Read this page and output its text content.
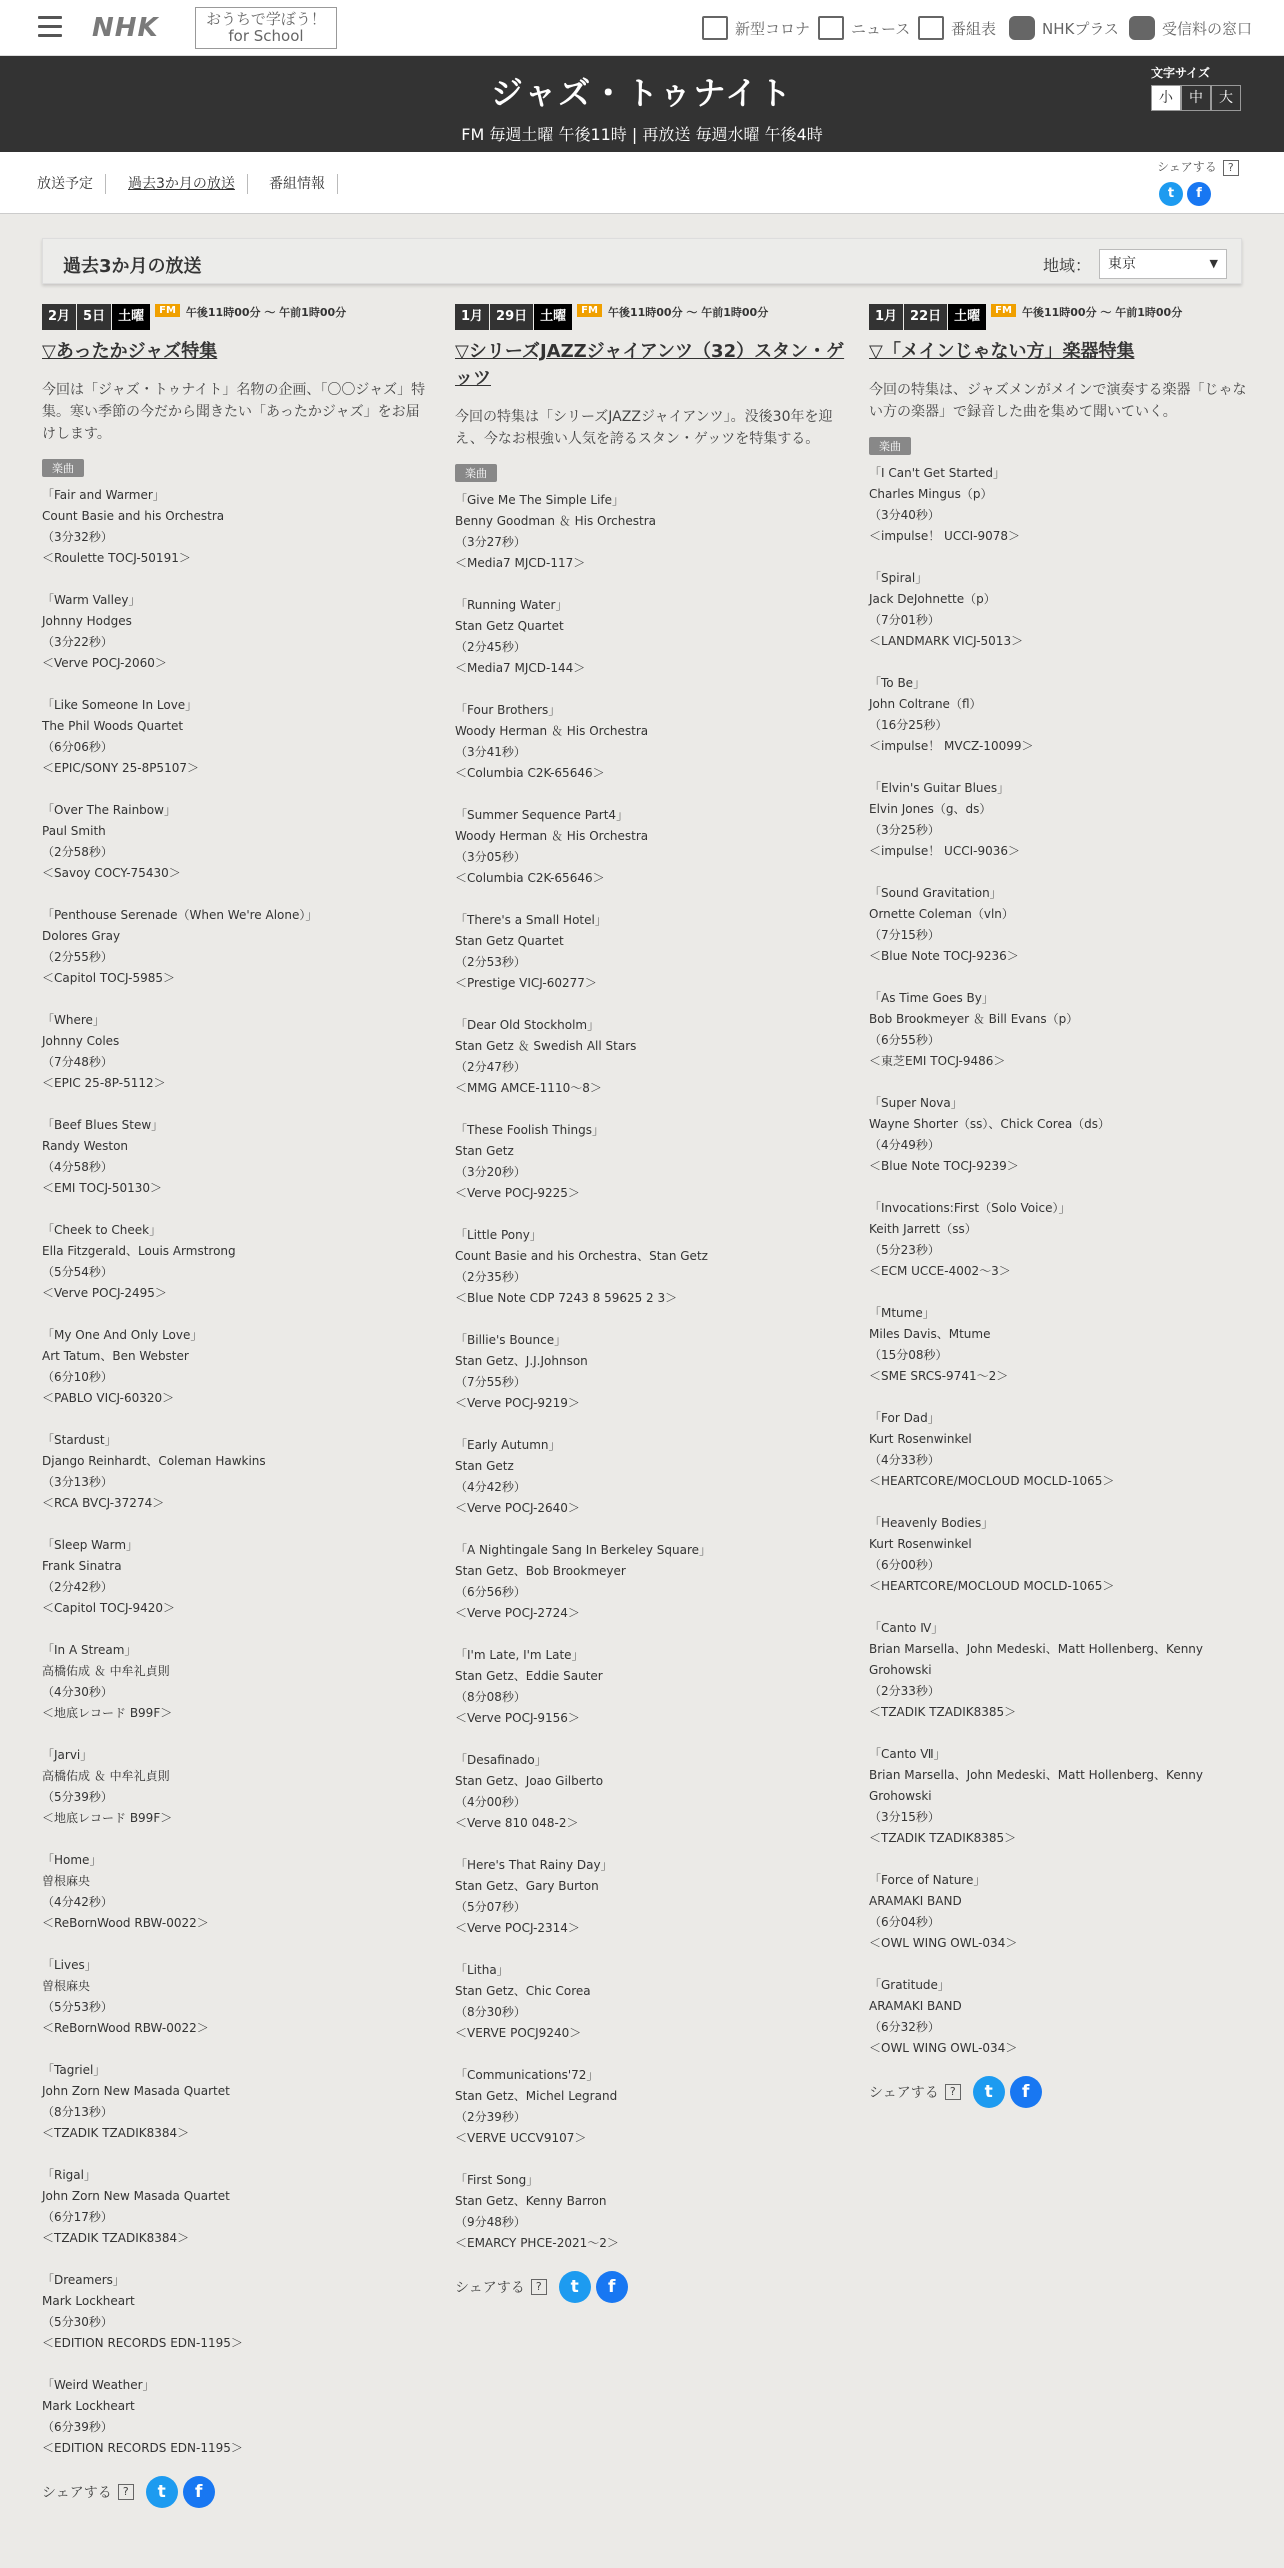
NHK	おうちで学ぼう！
for School	新型コロナ	ニュース	番組表	NHKプラス	受信料の窓口
ジャズ・トゥナイト
FM 毎週土曜 午後11時 | 再放送 毎週水曜 午後4時
文字サイズ
小	中	大
放送予定	過去3か月の放送	番組情報
シェアする ?
t	f
過去3か月の放送	地域：	東京	▼
2月	5日	土曜	FM 午後11時00分 ～ 午前1時00分
▽あったかジャズ特集
今回は「ジャズ・トゥナイト」名物の企画、「〇〇ジャズ」特集。寒い季節の今だから聞きたい「あったかジャズ」をお届けします。
楽曲
「Fair and Warmer」
Count Basie and his Orchestra
（3分32秒）
＜Roulette TOCJ-50191＞
「Warm Valley」
Johnny Hodges
（3分22秒）
＜Verve POCJ-2060＞
「Like Someone In Love」
The Phil Woods Quartet
（6分06秒）
＜EPIC/SONY 25-8P5107＞
「Over The Rainbow」
Paul Smith
（2分58秒）
＜Savoy COCY-75430＞
「Penthouse Serenade（When We're Alone）」
Dolores Gray
（2分55秒）
＜Capitol TOCJ-5985＞
「Where」
Johnny Coles
（7分48秒）
＜EPIC 25-8P-5112＞
「Beef Blues Stew」
Randy Weston
（4分58秒）
＜EMI TOCJ-50130＞
「Cheek to Cheek」
Ella Fitzgerald、Louis Armstrong
（5分54秒）
＜Verve POCJ-2495＞
「My One And Only Love」
Art Tatum、Ben Webster
（6分10秒）
＜PABLO VICJ-60320＞
「Stardust」
Django Reinhardt、Coleman Hawkins
（3分13秒）
＜RCA BVCJ-37274＞
「Sleep Warm」
Frank Sinatra
（2分42秒）
＜Capitol TOCJ-9420＞
「In A Stream」
高橋佑成 ＆ 中牟礼貞則
（4分30秒）
＜地底レコード B99F＞
「Jarvi」
高橋佑成 ＆ 中牟礼貞則
（5分39秒）
＜地底レコード B99F＞
「Home」
曽根麻央
（4分42秒）
＜ReBornWood RBW-0022＞
「Lives」
曽根麻央
（5分53秒）
＜ReBornWood RBW-0022＞
「Tagriel」
John Zorn New Masada Quartet
（8分13秒）
＜TZADIK TZADIK8384＞
「Rigal」
John Zorn New Masada Quartet
（6分17秒）
＜TZADIK TZADIK8384＞
「Dreamers」
Mark Lockheart
（5分30秒）
＜EDITION RECORDS EDN-1195＞
「Weird Weather」
Mark Lockheart
（6分39秒）
＜EDITION RECORDS EDN-1195＞
シェアする	?	t	f
1月	29日	土曜	FM 午後11時00分 ～ 午前1時00分
▽シリーズJAZZジャイアンツ（32）スタン・ゲッツ
今回の特集は「シリーズJAZZジャイアンツ」。没後30年を迎え、今なお根強い人気を誇るスタン・ゲッツを特集する。
楽曲
「Give Me The Simple Life」
Benny Goodman ＆ His Orchestra
（3分27秒）
＜Media7 MJCD-117＞
「Running Water」
Stan Getz Quartet
（2分45秒）
＜Media7 MJCD-144＞
「Four Brothers」
Woody Herman ＆ His Orchestra
（3分41秒）
＜Columbia C2K-65646＞
「Summer Sequence Part4」
Woody Herman ＆ His Orchestra
（3分05秒）
＜Columbia C2K-65646＞
「There's a Small Hotel」
Stan Getz Quartet
（2分53秒）
＜Prestige VICJ-60277＞
「Dear Old Stockholm」
Stan Getz ＆ Swedish All Stars
（2分47秒）
＜MMG AMCE-1110～8＞
「These Foolish Things」
Stan Getz
（3分20秒）
＜Verve POCJ-9225＞
「Little Pony」
Count Basie and his Orchestra、Stan Getz
（2分35秒）
＜Blue Note CDP 7243 8 59625 2 3＞
「Billie's Bounce」
Stan Getz、J.J.Johnson
（7分55秒）
＜Verve POCJ-9219＞
「Early Autumn」
Stan Getz
（4分42秒）
＜Verve POCJ-2640＞
「A Nightingale Sang In Berkeley Square」
Stan Getz、Bob Brookmeyer
（6分56秒）
＜Verve POCJ-2724＞
「I'm Late, I'm Late」
Stan Getz、Eddie Sauter
（8分08秒）
＜Verve POCJ-9156＞
「Desafinado」
Stan Getz、Joao Gilberto
（4分00秒）
＜Verve 810 048-2＞
「Here's That Rainy Day」
Stan Getz、Gary Burton
（5分07秒）
＜Verve POCJ-2314＞
「Litha」
Stan Getz、Chic Corea
（8分30秒）
＜VERVE POCJ9240＞
「Communications'72」
Stan Getz、Michel Legrand
（2分39秒）
＜VERVE UCCV9107＞
「First Song」
Stan Getz、Kenny Barron
（9分48秒）
＜EMARCY PHCE-2021～2＞
シェアする	?	t	f
1月	22日	土曜	FM 午後11時00分 ～ 午前1時00分
▽「メインじゃない方」楽器特集
今回の特集は、ジャズメンがメインで演奏する楽器「じゃない方の楽器」で録音した曲を集めて聞いていく。
楽曲
「I Can't Get Started」
Charles Mingus（p）
（3分40秒）
＜impulse！ UCCI-9078＞
「Spiral」
Jack DeJohnette（p）
（7分01秒）
＜LANDMARK VICJ-5013＞
「To Be」
John Coltrane（fl）
（16分25秒）
＜impulse！ MVCZ-10099＞
「Elvin's Guitar Blues」
Elvin Jones（g、ds）
（3分25秒）
＜impulse！ UCCI-9036＞
「Sound Gravitation」
Ornette Coleman（vln）
（7分15秒）
＜Blue Note TOCJ-9236＞
「As Time Goes By」
Bob Brookmeyer ＆ Bill Evans（p）
（6分55秒）
＜東芝EMI TOCJ-9486＞
「Super Nova」
Wayne Shorter（ss）、Chick Corea（ds）
（4分49秒）
＜Blue Note TOCJ-9239＞
「Invocations:First（Solo Voice）」
Keith Jarrett（ss）
（5分23秒）
＜ECM UCCE-4002～3＞
「Mtume」
Miles Davis、Mtume
（15分08秒）
＜SME SRCS-9741～2＞
「For Dad」
Kurt Rosenwinkel
（4分33秒）
＜HEARTCORE/MOCLOUD MOCLD-1065＞
「Heavenly Bodies」
Kurt Rosenwinkel
（6分00秒）
＜HEARTCORE/MOCLOUD MOCLD-1065＞
「Canto Ⅳ」
Brian Marsella、John Medeski、Matt Hollenberg、Kenny Grohowski
（2分33秒）
＜TZADIK TZADIK8385＞
「Canto Ⅶ」
Brian Marsella、John Medeski、Matt Hollenberg、Kenny Grohowski
（3分15秒）
＜TZADIK TZADIK8385＞
「Force of Nature」
ARAMAKI BAND
（6分04秒）
＜OWL WING OWL-034＞
「Gratitude」
ARAMAKI BAND
（6分32秒）
＜OWL WING OWL-034＞
シェアする	?	t	f
